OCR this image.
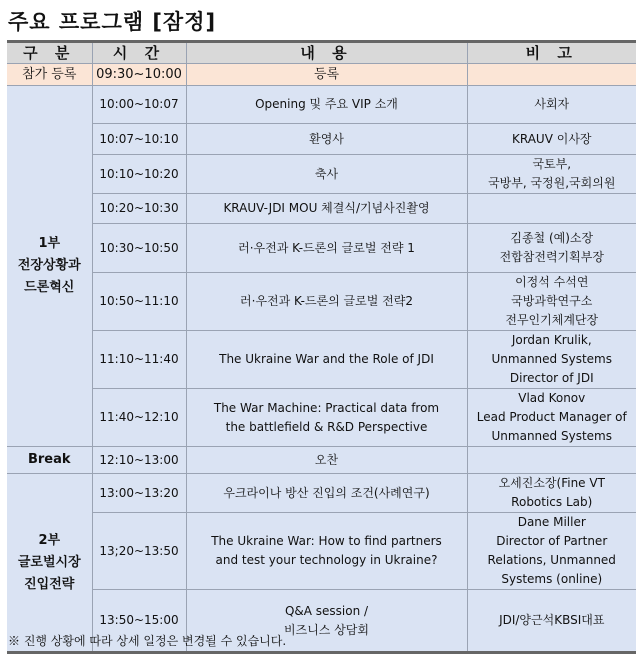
주요 프로그램 [잠정]
구 분	시 간	내 용	비 고
참가 등록	09:30~10:00	등록	

1부
전장상황과
드론혁신	10:00~10:07	Opening 및 주요 VIP 소개	사회자

	10:07~10:10	환영사	KRAUV 이사장

	10:10~10:20	축사	국토부,
국방부, 국정원,국회의원

	10:20~10:30	KRAUV-JDI MOU 체결식/기념사진촬영	

	10:30~10:50	러·우전과 K-드론의 글로벌 전략 1	김종철 (예)소장
전합참전력기획부장

	10:50~11:10	러·우전과 K-드론의 글로벌 전략2	이정석 수석연
국방과학연구소
전무인기체계단장

	11:10~11:40	The Ukraine War and the Role of JDI	Jordan Krulik,
Unmanned Systems
Director of JDI

	11:40~12:10	The War Machine: Practical data from
the battlefield & R&D Perspective	Vlad Konov
Lead Product Manager of
Unmanned Systems

Break	12:10~13:00	오찬	

2부
글로벌시장
진입전략	13:00~13:20	우크라이나 방산 진입의 조건(사례연구)	오세진소장(Fine VT
Robotics Lab)

	13;20~13:50	The Ukraine War: How to find partners
and test your technology in Ukraine?	Dane Miller
Director of Partner
Relations, Unmanned
Systems (online)

	13:50~15:00	Q&A session /
비즈니스 상담회	JDI/양근석KBSI대표
※ 진행 상황에 따라 상세 일정은 변경될 수 있습니다.
